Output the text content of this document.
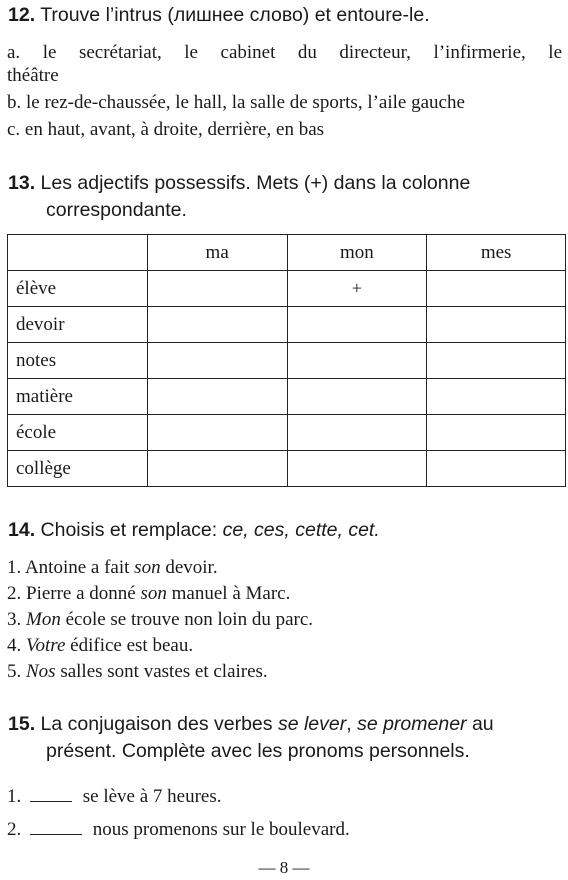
12. Trouve l’intrus (лишнее слово) et entoure-le.
a. le secrétariat, le cabinet du directeur, l’infirmerie, le
théâtre
b. le rez-de-chaussée, le hall, la salle de sports, l’aile gauche
c. en haut, avant, à droite, derrière, en bas
13. Les adjectifs possessifs. Mets (+) dans la colonne
correspondante.
	ma	mon	mes
élève		+	
devoir			
notes			
matière			
école			
collège			
14. Choisis et remplace: ce, ces, cette, cet.
1. Antoine a fait son devoir.
2. Pierre a donné son manuel à Marc.
3. Mon école se trouve non loin du parc.
4. Votre édifice est beau.
5. Nos salles sont vastes et claires.
15. La conjugaison des verbes se lever, se promener au
présent. Complète avec les pronoms personnels.
1.	se lève à 7 heures.
2.	nous promenons sur le boulevard.
— 8 —
